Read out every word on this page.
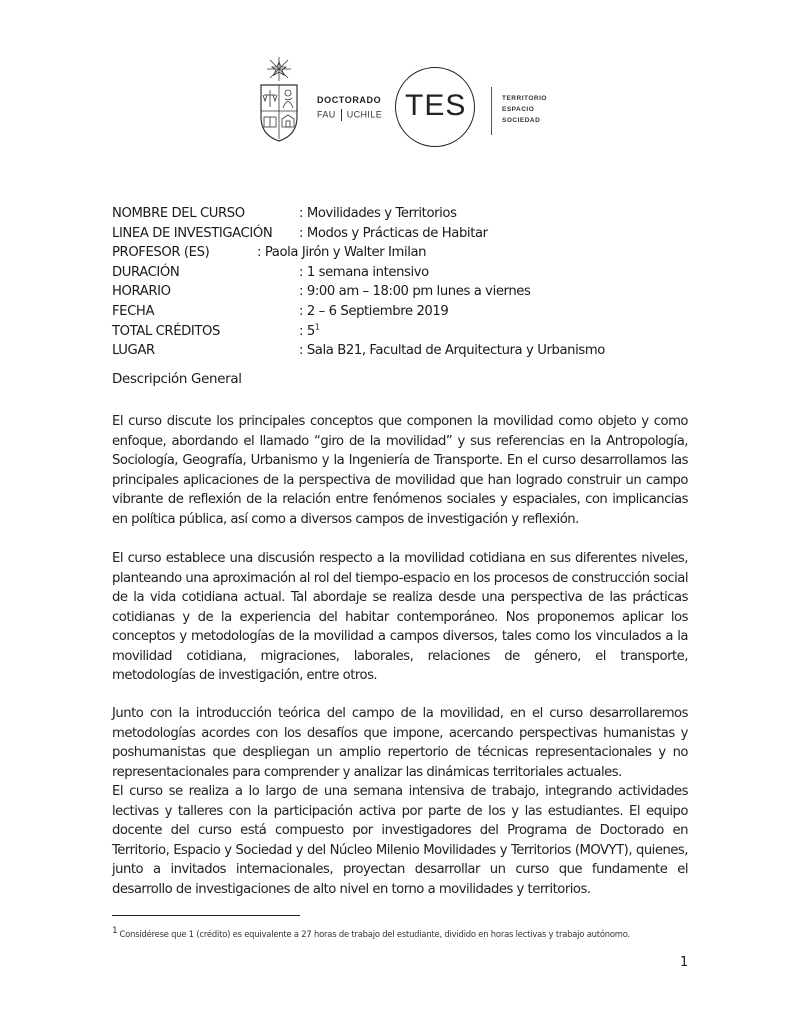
DOCTORADO
FAU UCHILE TES	TERRITORIO
ESPACIO
SOCIEDAD
NOMBRE DEL CURSO	: Movilidades y Territorios
LINEA DE INVESTIGACIÓN : Modos y Prácticas de Habitar
PROFESOR (ES)	: Paola Jirón y Walter Imilan
DURACIÓN	: 1 semana intensivo
HORARIO	: 9:00 am – 18:00 pm lunes a viernes
FECHA	: 2 – 6 Septiembre 2019
TOTAL CRÉDITOS	: $5^1$
LUGAR	: Sala B21, Facultad de Arquitectura y Urbanismo
Descripción General

El curso discute los principales conceptos que componen la movilidad como objeto y como enfoque, abordando el llamado “giro de la movilidad” y sus referencias en la Antropología, Sociología, Geografía, Urbanismo y la Ingeniería de Transporte. En el curso desarrollamos las principales aplicaciones de la perspectiva de movilidad que han logrado construir un campo vibrante de reflexión de la relación entre fenómenos sociales y espaciales, con implicancias en política pública, así como a diversos campos de investigación y reflexión.

El curso establece una discusión respecto a la movilidad cotidiana en sus diferentes niveles, planteando una aproximación al rol del tiempo-espacio en los procesos de construcción social de la vida cotidiana actual. Tal abordaje se realiza desde una perspectiva de las prácticas cotidianas y de la experiencia del habitar contemporáneo. Nos proponemos aplicar los conceptos y metodologías de la movilidad a campos diversos, tales como los vinculados a la movilidad cotidiana, migraciones, laborales, relaciones de género, el transporte, metodologías de investigación, entre otros.

Junto con la introducción teórica del campo de la movilidad, en el curso desarrollaremos metodologías acordes con los desafíos que impone, acercando perspectivas humanistas y poshumanistas que despliegan un amplio repertorio de técnicas representacionales y no representacionales para comprender y analizar las dinámicas territoriales actuales.

El curso se realiza a lo largo de una semana intensiva de trabajo, integrando actividades lectivas y talleres con la participación activa por parte de los y las estudiantes. El equipo docente del curso está compuesto por investigadores del Programa de Doctorado en Territorio, Espacio y Sociedad y del Núcleo Milenio Movilidades y Territorios (MOVYT), quienes, junto a invitados internacionales, proyectan desarrollar un curso que fundamente el desarrollo de investigaciones de alto nivel en torno a movilidades y territorios.

$^1$ Considérese que 1 (crédito) es equivalente a 27 horas de trabajo del estudiante, dividido en horas lectivas y trabajo autónomo.
1
